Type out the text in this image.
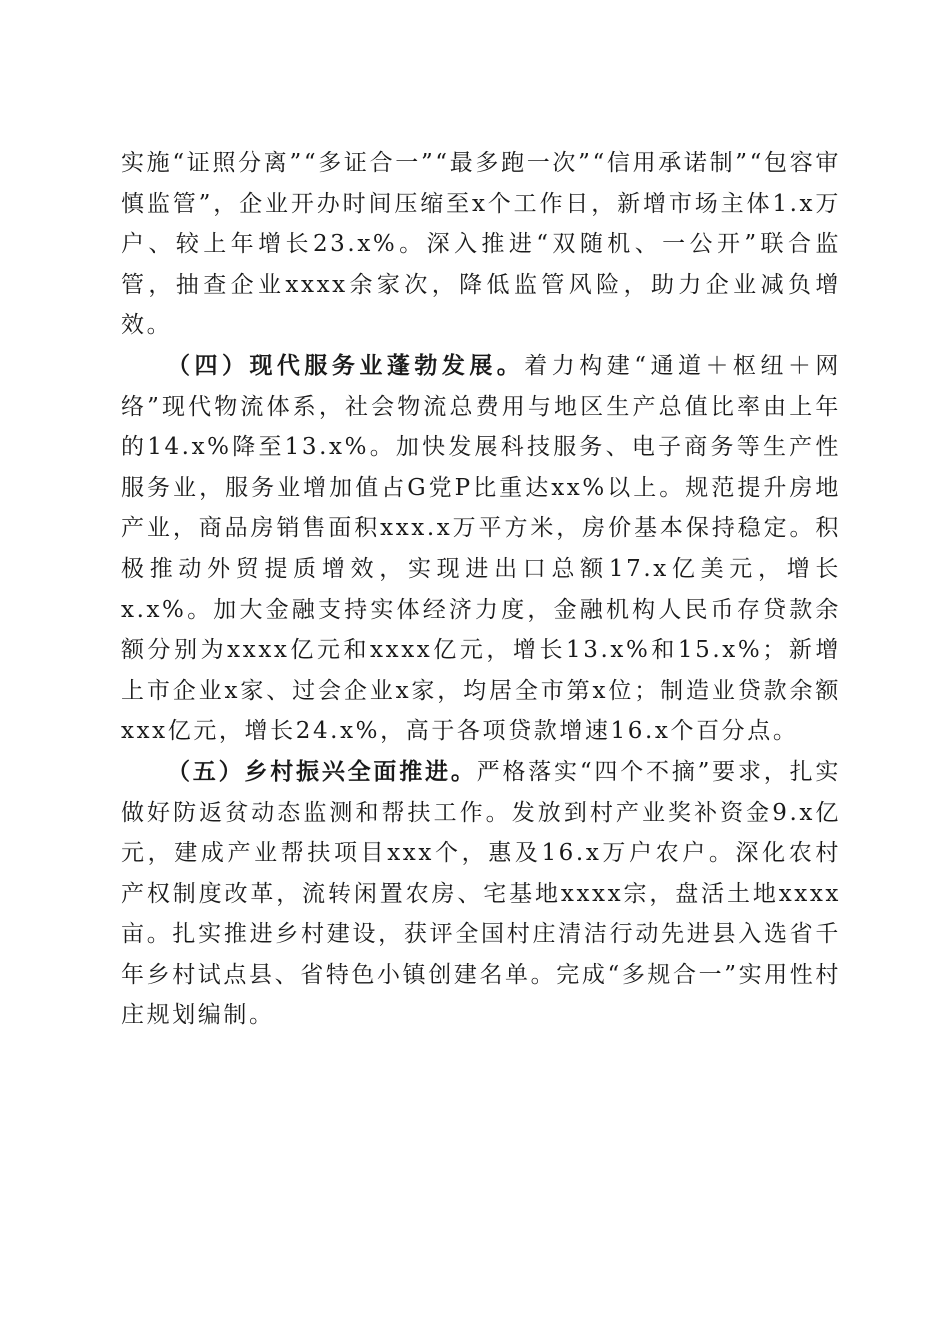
实施“证照分离”“多证合一”“最多跑一次”“信用承诺制”“包容审慎监管”，企业开办时间压缩至x个工作日，新增市场主体1.x万户、较上年增长23.x%。深入推进“双随机、一公开”联合监管，抽查企业xxxx余家次，降低监管风险，助力企业减负增效。

（四）现代服务业蓬勃发展。着力构建“通道＋枢纽＋网络”现代物流体系，社会物流总费用与地区生产总值比率由上年的14.x%降至13.x%。加快发展科技服务、电子商务等生产性服务业，服务业增加值占G党P比重达xx%以上。规范提升房地产业，商品房销售面积xxx.x万平方米，房价基本保持稳定。积极推动外贸提质增效，实现进出口总额17.x亿美元，增长x.x%。加大金融支持实体经济力度，金融机构人民币存贷款余额分别为xxxx亿元和xxxx亿元，增长13.x%和15.x%；新增上市企业x家、过会企业x家，均居全市第x位；制造业贷款余额xxx亿元，增长24.x%，高于各项贷款增速16.x个百分点。

（五）乡村振兴全面推进。严格落实“四个不摘”要求，扎实做好防返贫动态监测和帮扶工作。发放到村产业奖补资金9.x亿元，建成产业帮扶项目xxx个，惠及16.x万户农户。深化农村产权制度改革，流转闲置农房、宅基地xxxx宗，盘活土地xxxx亩。扎实推进乡村建设，获评全国村庄清洁行动先进县入选省千年乡村试点县、省特色小镇创建名单。完成“多规合一”实用性村庄规划编制。
